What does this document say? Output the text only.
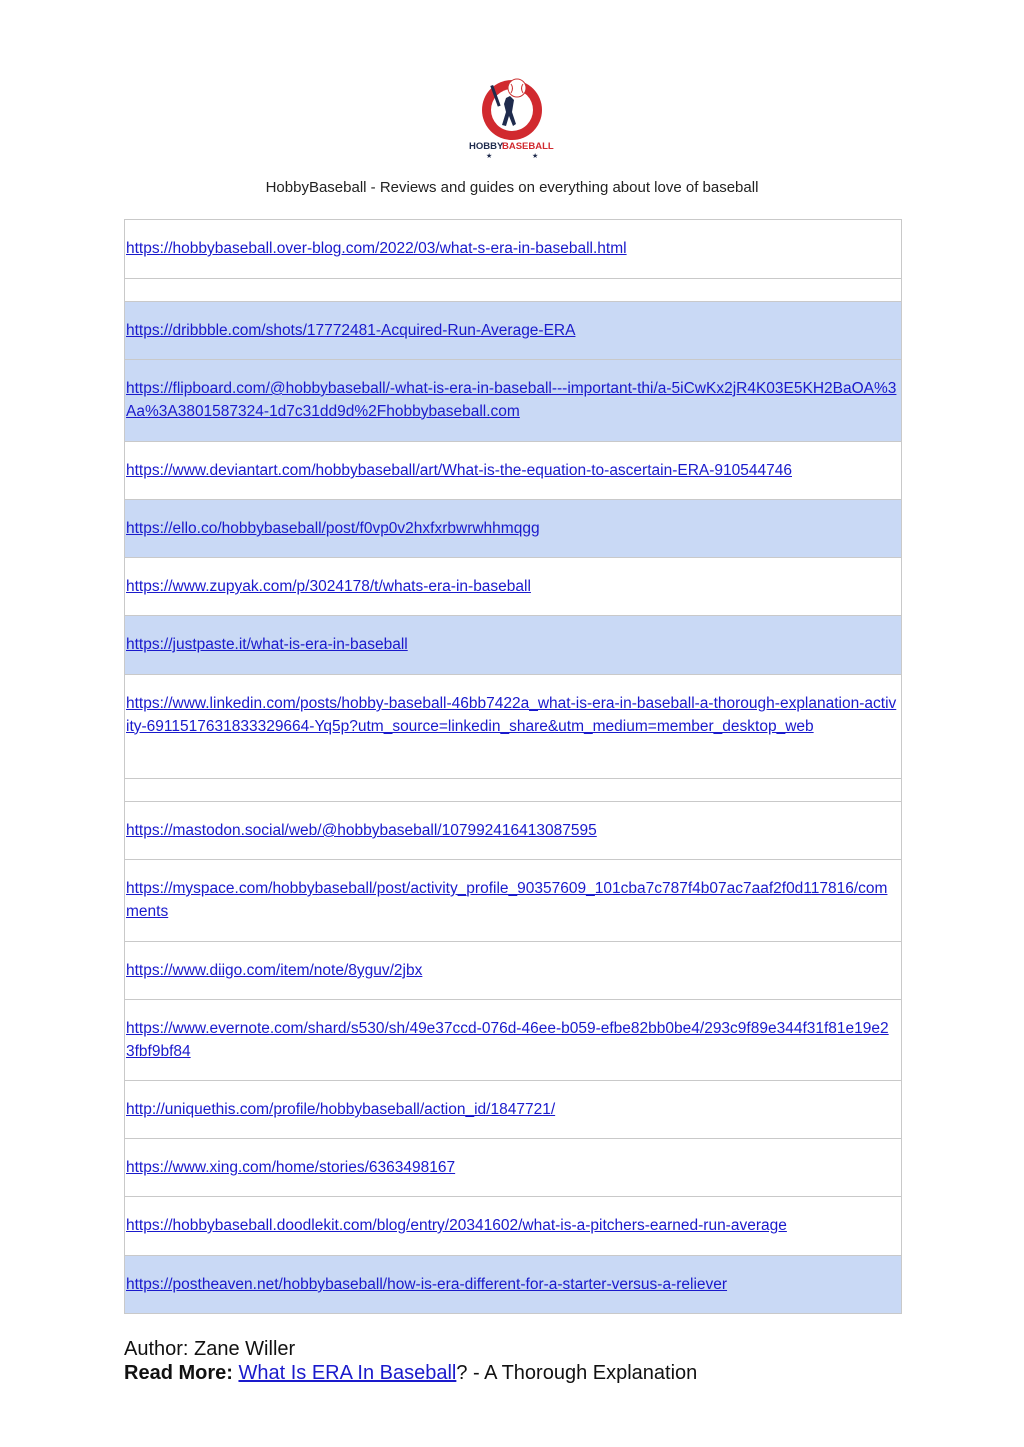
HOBBY
BASEBALL
★	★
HobbyBaseball - Reviews and guides on everything about love of baseball
https://hobbybaseball.over-blog.com/2022/03/what-s-era-in-baseball.html
https://dribbble.com/shots/17772481-Acquired-Run-Average-ERA
https://flipboard.com/@hobbybaseball/-what-is-era-in-baseball---important-thi/a-5iCwKx2jR4K03E5KH2BaOA%3Aa%3A3801587324-1d7c31dd9d%2Fhobbybaseball.com
https://www.deviantart.com/hobbybaseball/art/What-is-the-equation-to-ascertain-ERA-910544746
https://ello.co/hobbybaseball/post/f0vp0v2hxfxrbwrwhhmqgg
https://www.zupyak.com/p/3024178/t/whats-era-in-baseball
https://justpaste.it/what-is-era-in-baseball
https://www.linkedin.com/posts/hobby-baseball-46bb7422a_what-is-era-in-baseball-a-thorough-explanation-activity-6911517631833329664-Yq5p?utm_source=linkedin_share&utm_medium=member_desktop_web
https://mastodon.social/web/@hobbybaseball/107992416413087595
https://myspace.com/hobbybaseball/post/activity_profile_90357609_101cba7c787f4b07ac7aaf2f0d117816/comments
https://www.diigo.com/item/note/8yguv/2jbx
https://www.evernote.com/shard/s530/sh/49e37ccd-076d-46ee-b059-efbe82bb0be4/293c9f89e344f31f81e19e23fbf9bf84
http://uniquethis.com/profile/hobbybaseball/action_id/1847721/
https://www.xing.com/home/stories/6363498167
https://hobbybaseball.doodlekit.com/blog/entry/20341602/what-is-a-pitchers-earned-run-average
https://postheaven.net/hobbybaseball/how-is-era-different-for-a-starter-versus-a-reliever
Author: Zane Willer
Read More: What Is ERA In Baseball? - A Thorough Explanation
